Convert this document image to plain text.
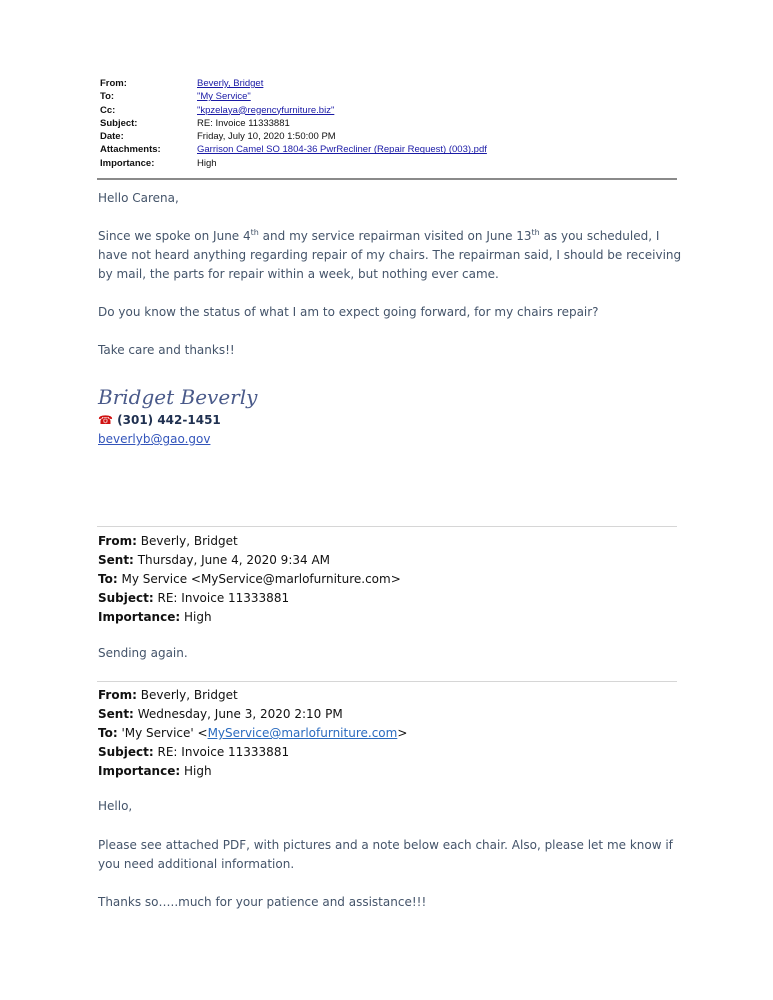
From:	Beverly, Bridget
To:	"My Service"
Cc:	"kpzelaya@regencyfurniture.biz"
Subject:	RE: Invoice 11333881
Date:	Friday, July 10, 2020 1:50:00 PM
Attachments:	Garrison Camel SO 1804-36 PwrRecliner (Repair Request) (003).pdf
Importance:	High

Hello Carena,

Since we spoke on June 4th and my service repairman visited on June 13th as you scheduled, I have not heard anything regarding repair of my chairs. The repairman said, I should be receiving by mail, the parts for repair within a week, but nothing ever came.

Do you know the status of what I am to expect going forward, for my chairs repair?

Take care and thanks!!

Bridget Beverly
☎ (301) 442-1451
beverlyb@gao.gov
From: Beverly, Bridget
Sent: Thursday, June 4, 2020 9:34 AM
To: My Service <MyService@marlofurniture.com>
Subject: RE: Invoice 11333881
Importance: High
Sending again.
From: Beverly, Bridget
Sent: Wednesday, June 3, 2020 2:10 PM
To: 'My Service' <MyService@marlofurniture.com>
Subject: RE: Invoice 11333881
Importance: High
Hello,
Please see attached PDF, with pictures and a note below each chair. Also, please let me know if you need additional information.
Thanks so…..much for your patience and assistance!!!
